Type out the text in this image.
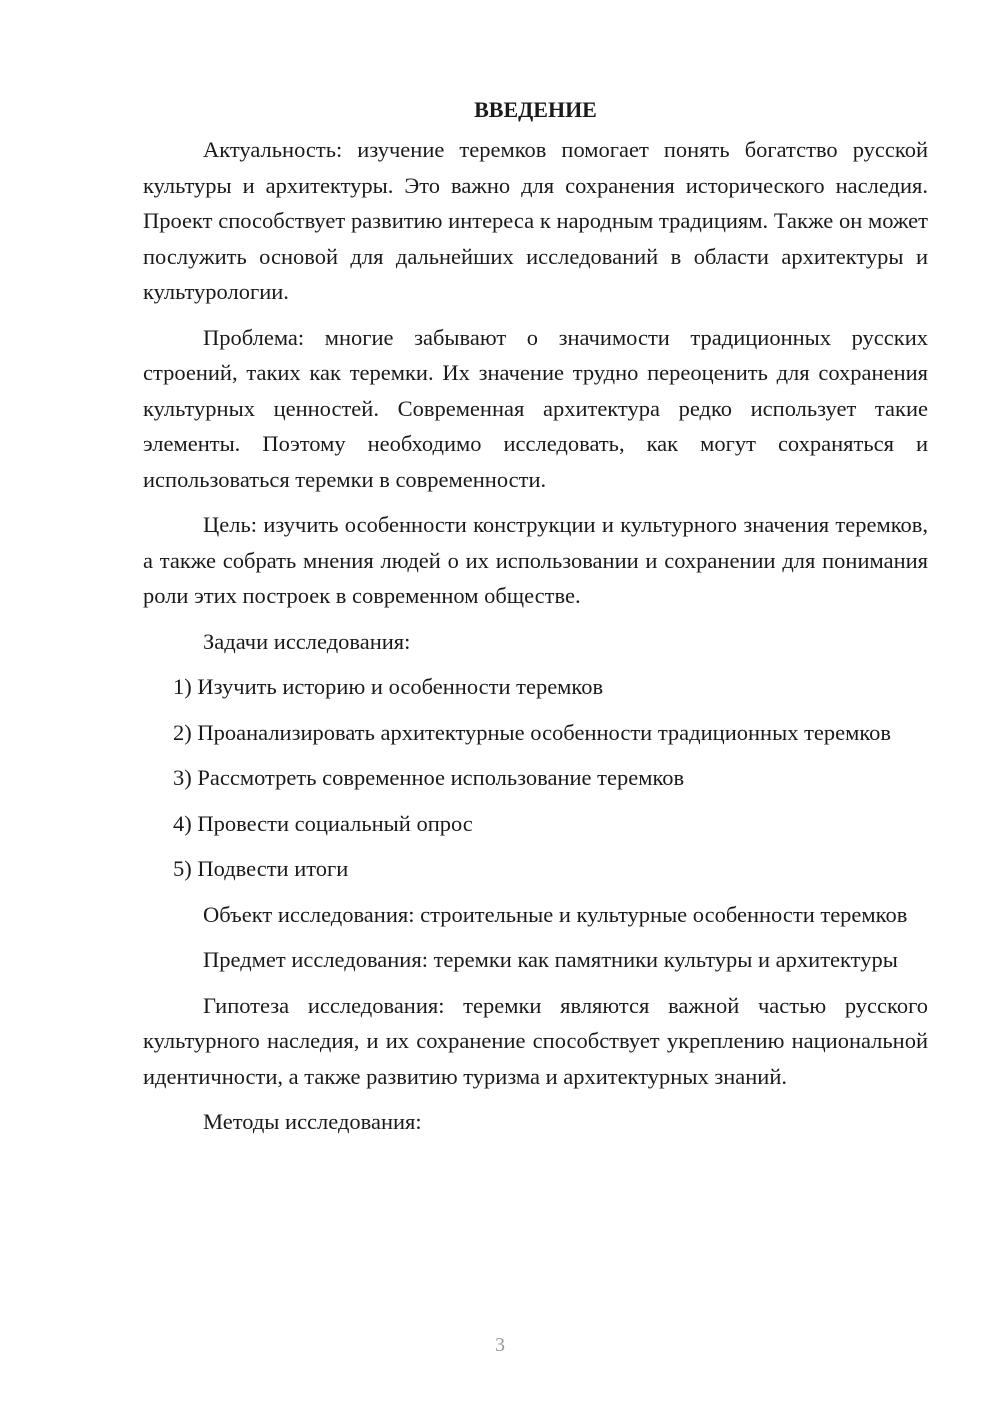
ВВЕДЕНИЕ

Актуальность: изучение теремков помогает понять богатство русской культуры и архитектуры. Это важно для сохранения исторического наследия. Проект способствует развитию интереса к народным традициям. Также он может послужить основой для дальнейших исследований в области архитектуры и культурологии.

Проблема: многие забывают о значимости традиционных русских строений, таких как теремки. Их значение трудно переоценить для сохранения культурных ценностей. Современная архитектура редко использует такие элементы. Поэтому необходимо исследовать, как могут сохраняться и использоваться теремки в современности.

Цель: изучить особенности конструкции и культурного значения теремков, а также собрать мнения людей о их использовании и сохранении для понимания роли этих построек в современном обществе.

Задачи исследования:

1) Изучить историю и особенности теремков

2) Проанализировать архитектурные особенности традиционных теремков

3) Рассмотреть современное использование теремков

4) Провести социальный опрос

5) Подвести итоги

Объект исследования: строительные и культурные особенности теремков

Предмет исследования: теремки как памятники культуры и архитектуры

Гипотеза исследования: теремки являются важной частью русского культурного наследия, и их сохранение способствует укреплению национальной идентичности, а также развитию туризма и архитектурных знаний.

Методы исследования:

3
